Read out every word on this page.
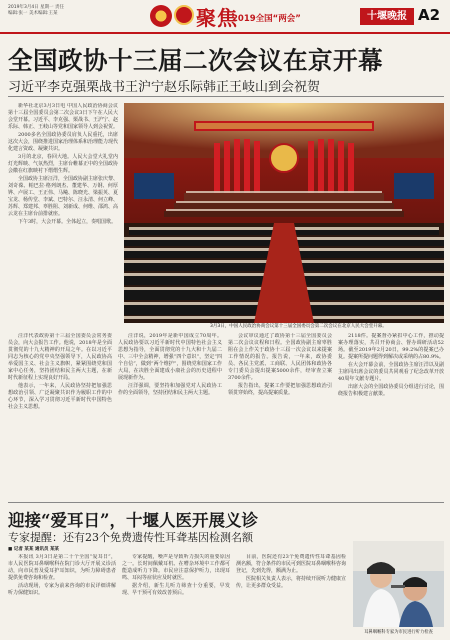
2019年3月4日 星期一 责任编辑:张一 美术编辑:王某	聚焦
2019全国“两会”	十堰晚报 A2
全国政协十三届二次会议在京开幕
习近平李克强栗战书王沪宁赵乐际韩正王岐山到会祝贺

新华社北京3月3日电 中国人民政治协商会议第十三届全国委员会第二次会议3日下午在人民大会堂开幕。习近平、李克强、栗战书、王沪宁、赵乐际、韩正、王岐山等党和国家领导人到会祝贺。

2000多名全国政协委员肩负人民重托，出席这次大会，围绕推进国家治理体系和治理能力现代化建言资政、凝聚共识。

3月的北京，春回大地。人民大会堂大礼堂内灯光辉映、气氛热烈，主席台帷幕正中的全国政协会徽在红旗映衬下熠熠生辉。

全国政协主席汪洋，全国政协副主席张庆黎、刘奇葆、帕巴拉·格列朗杰、董建华、万钢、何厚铧、卢展工、王正伟、马飚、陈晓光、梁振英、夏宝龙、杨传堂、李斌、巴特尔、汪永清、何立峰、苏辉、郑建邦、辜胜阻、刘新成、何维、邵鸿、高云龙在主席台前排就座。

下午3时，大会开幕。全体起立，奏唱国歌。

3月3日，中国人民政治协商会议第十三届全国委员会第二次会议在北京人民大会堂开幕。

汪洋代表政协第十三届全国委员会常务委员会，向大会报告工作。他说，2018年是全面贯彻党的十九大精神的开局之年。在以习近平同志为核心的党中央坚强领导下，人民政协高举爱国主义、社会主义旗帜，紧紧围绕党和国家中心任务，坚持团结和民主两大主题，在新时代新征程上实现良好开局。

他表示，一年来，人民政协坚持把加强思想政治引领、广泛凝聚共识作为履职工作的中心环节，深入学习贯彻习近平新时代中国特色社会主义思想。

汪洋说，2019年是新中国成立70周年。人民政协要以习近平新时代中国特色社会主义思想为指导，全面贯彻党的十九大和十九届二中、三中全会精神，增强“四个意识”，坚定“四个自信”，做到“两个维护”，围绕党和国家工作大局，在决胜全面建成小康社会的历史进程中展现新作为。

汪洋强调，要坚持和加强党对人民政协工作的全面领导，坚持团结和民主两大主题。

会议审议通过了政协第十三届全国委员会第二次会议议程和日程。全国政协副主席辜胜阻在会上作关于政协十三届一次会议以来提案工作情况的报告。报告说，一年来，政协委员、各民主党派、工商联、人民团体和政协各专门委员会提出提案5000余件，经审查立案3700余件。

报告指出，提案工作要把加强思想政治引领贯穿始终，提高提案质量。

2118件。提案督办紧扣中心工作，推动提案办理落实，共召开协商会、督办调研活动52场。截至2019年2月20日，99.2%的提案已办复。提案所提问题得到解决或采纳的占80.9%。

在大会开幕会前，全国政协主席汪洋以及副主席同出席会议的委员共同观看了纪念改革开放40周年文献专题片。

出席大会的全国政协委员分组进行讨论，围绕报告积极建言献策。

迎接“爱耳日”，十堰人医开展义诊
专家提醒：还有23个免费遗传性耳聋基因检测名额
■ 记者 某某 通讯员 某某

本报讯 3月3日是第二十个全国“爱耳日”，市人民医院耳鼻咽喉科在院门诊大厅开展义诊活动，向市民普及爱耳护耳知识，为听力障碍患者提供免费咨询和检查。

活动现场，专家为前来咨询的市民详细讲解听力保健知识。

专家提醒，噪声是导致听力损失的重要原因之一。长时间佩戴耳机、在嘈杂环境中工作都可能造成听力下降。市民应注意保护听力，出现耳鸣、耳闷等症状应及时就医。

据介绍，新生儿听力筛查十分重要，早发现、早干预可有效改善预后。

目前，医院还有23个免费遗传性耳聋基因检测名额，符合条件的市民可到医院耳鼻咽喉科咨询登记，先到先得，额满为止。

医院相关负责人表示，将持续开展听力健康宣传，让更多群众受益。

耳鼻咽喉科专家为市民进行听力检查
